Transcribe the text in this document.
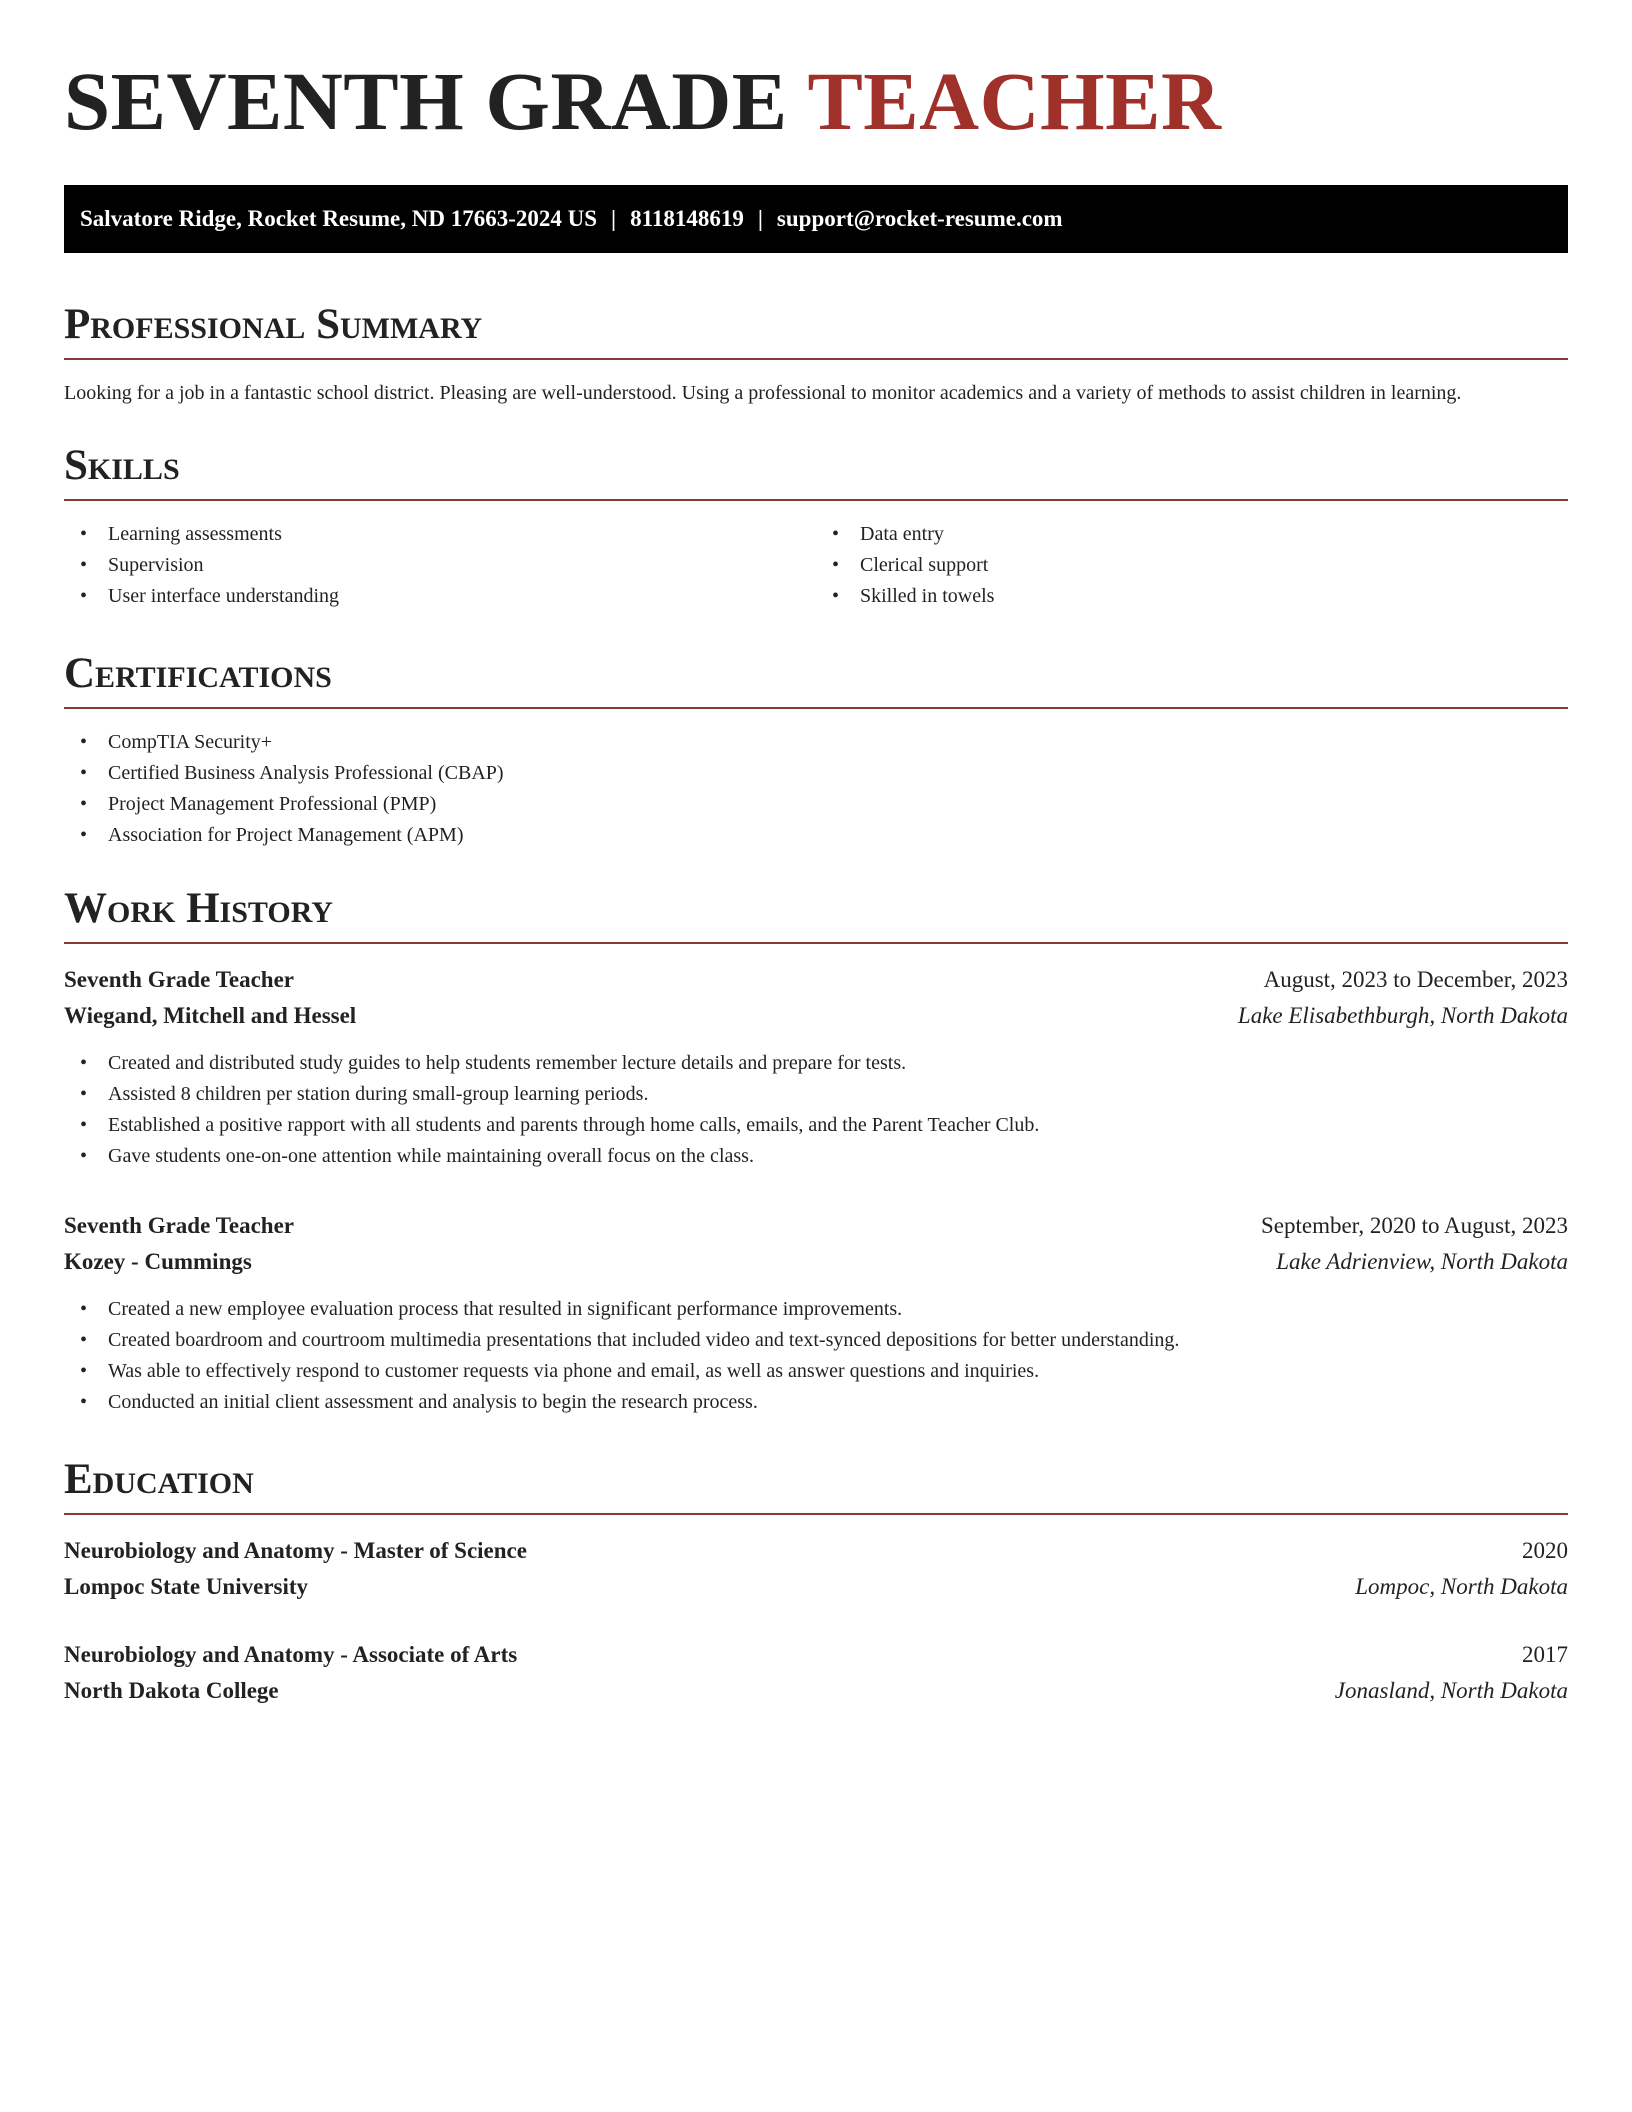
SEVENTH GRADE TEACHER
Salvatore Ridge, Rocket Resume, ND 17663-2024 US | 8118148619 | support@rocket-resume.com
Professional Summary

Looking for a job in a fantastic school district. Pleasing are well-understood. Using a professional to monitor academics and a variety of methods to assist children in learning.

Skills
• Learning assessments
• Supervision
• User interface understanding
• Data entry
• Clerical support
• Skilled in towels
Certifications
• CompTIA Security+
• Certified Business Analysis Professional (CBAP)
• Project Management Professional (PMP)
• Association for Project Management (APM)
Work History
Seventh Grade Teacher	August, 2023 to December, 2023
Wiegand, Mitchell and Hessel	Lake Elisabethburgh, North Dakota
• Created and distributed study guides to help students remember lecture details and prepare for tests.
• Assisted 8 children per station during small-group learning periods.
• Established a positive rapport with all students and parents through home calls, emails, and the Parent Teacher Club.
• Gave students one-on-one attention while maintaining overall focus on the class.
Seventh Grade Teacher	September, 2020 to August, 2023
Kozey - Cummings	Lake Adrienview, North Dakota
• Created a new employee evaluation process that resulted in significant performance improvements.
• Created boardroom and courtroom multimedia presentations that included video and text-synced depositions for better understanding.
• Was able to effectively respond to customer requests via phone and email, as well as answer questions and inquiries.
• Conducted an initial client assessment and analysis to begin the research process.
Education
Neurobiology and Anatomy - Master of Science	2020
Lompoc State University	Lompoc, North Dakota
Neurobiology and Anatomy - Associate of Arts	2017
North Dakota College	Jonasland, North Dakota
